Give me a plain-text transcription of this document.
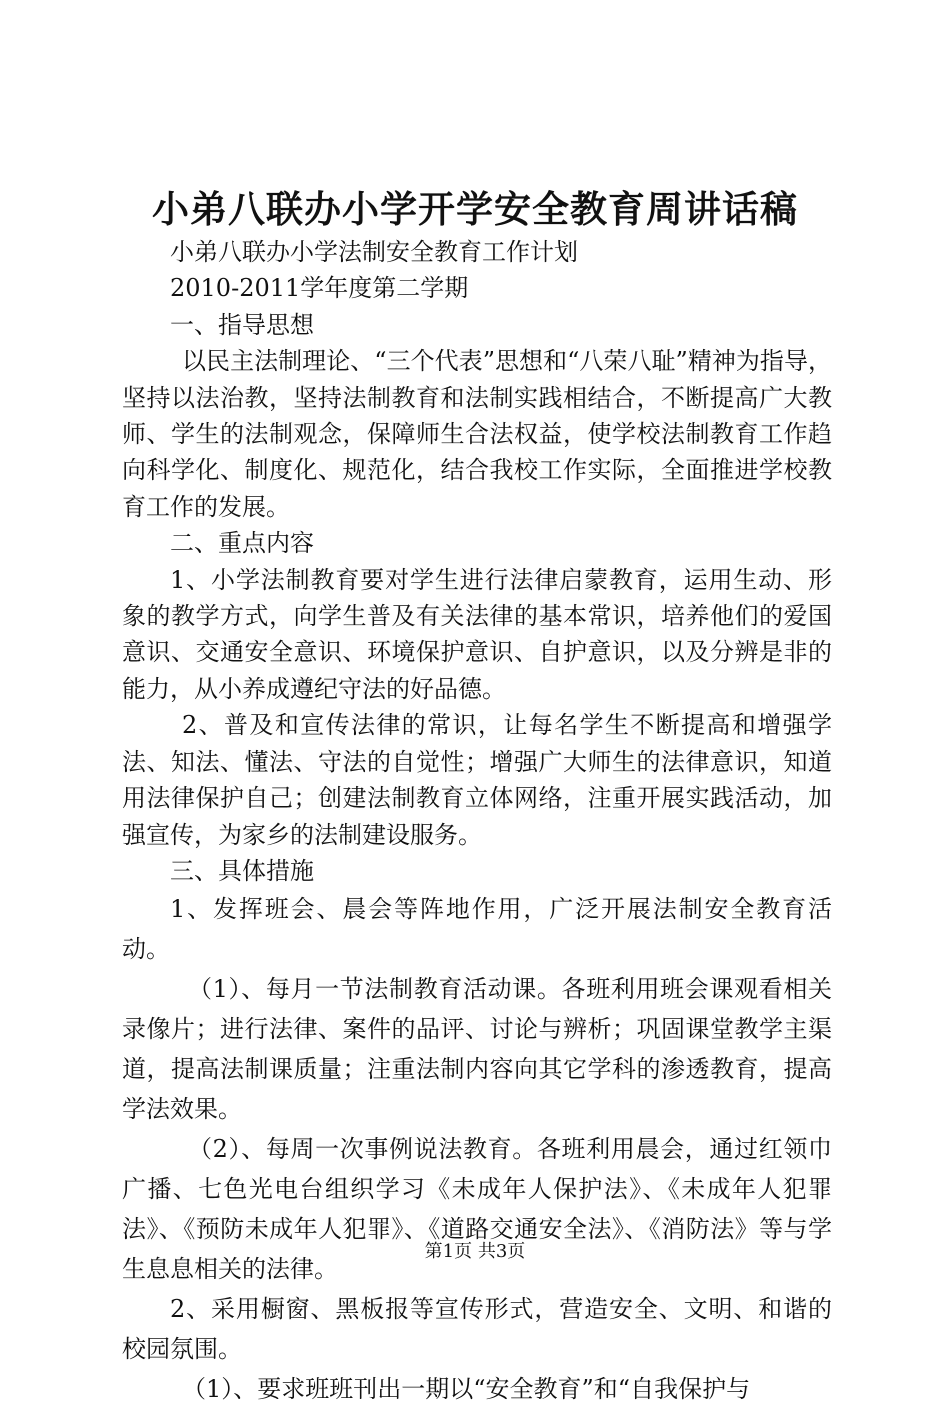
小弟八联办小学开学安全教育周讲话稿

小弟八联办小学法制安全教育工作计划

2010-2011学年度第二学期

一、指导思想

以民主法制理论、“三个代表”思想和“八荣八耻”精神为指导，坚持以法治教，坚持法制教育和法制实践相结合，不断提高广大教师、学生的法制观念，保障师生合法权益，使学校法制教育工作趋向科学化、制度化、规范化，结合我校工作实际，全面推进学校教育工作的发展。

二、重点内容

1、小学法制教育要对学生进行法律启蒙教育，运用生动、形象的教学方式，向学生普及有关法律的基本常识，培养他们的爱国意识、交通安全意识、环境保护意识、自护意识，以及分辨是非的能力，从小养成遵纪守法的好品德。

2、普及和宣传法律的常识，让每名学生不断提高和增强学法、知法、懂法、守法的自觉性；增强广大师生的法律意识，知道用法律保护自己；创建法制教育立体网络，注重开展实践活动，加强宣传，为家乡的法制建设服务。

三、具体措施

1、发挥班会、晨会等阵地作用，广泛开展法制安全教育活动。

（1）、每月一节法制教育活动课。各班利用班会课观看相关录像片；进行法律、案件的品评、讨论与辨析；巩固课堂教学主渠道，提高法制课质量；注重法制内容向其它学科的渗透教育，提高学法效果。

（2）、每周一次事例说法教育。各班利用晨会，通过红领巾广播、七色光电台组织学习《未成年人保护法》、《未成年人犯罪法》、《预防未成年人犯罪》、《道路交通安全法》、《消防法》等与学生息息相关的法律。

2、采用橱窗、黑板报等宣传形式，营造安全、文明、和谐的校园氛围。

（1）、要求班班刊出一期以“安全教育”和“自我保护与

第1页 共3页
